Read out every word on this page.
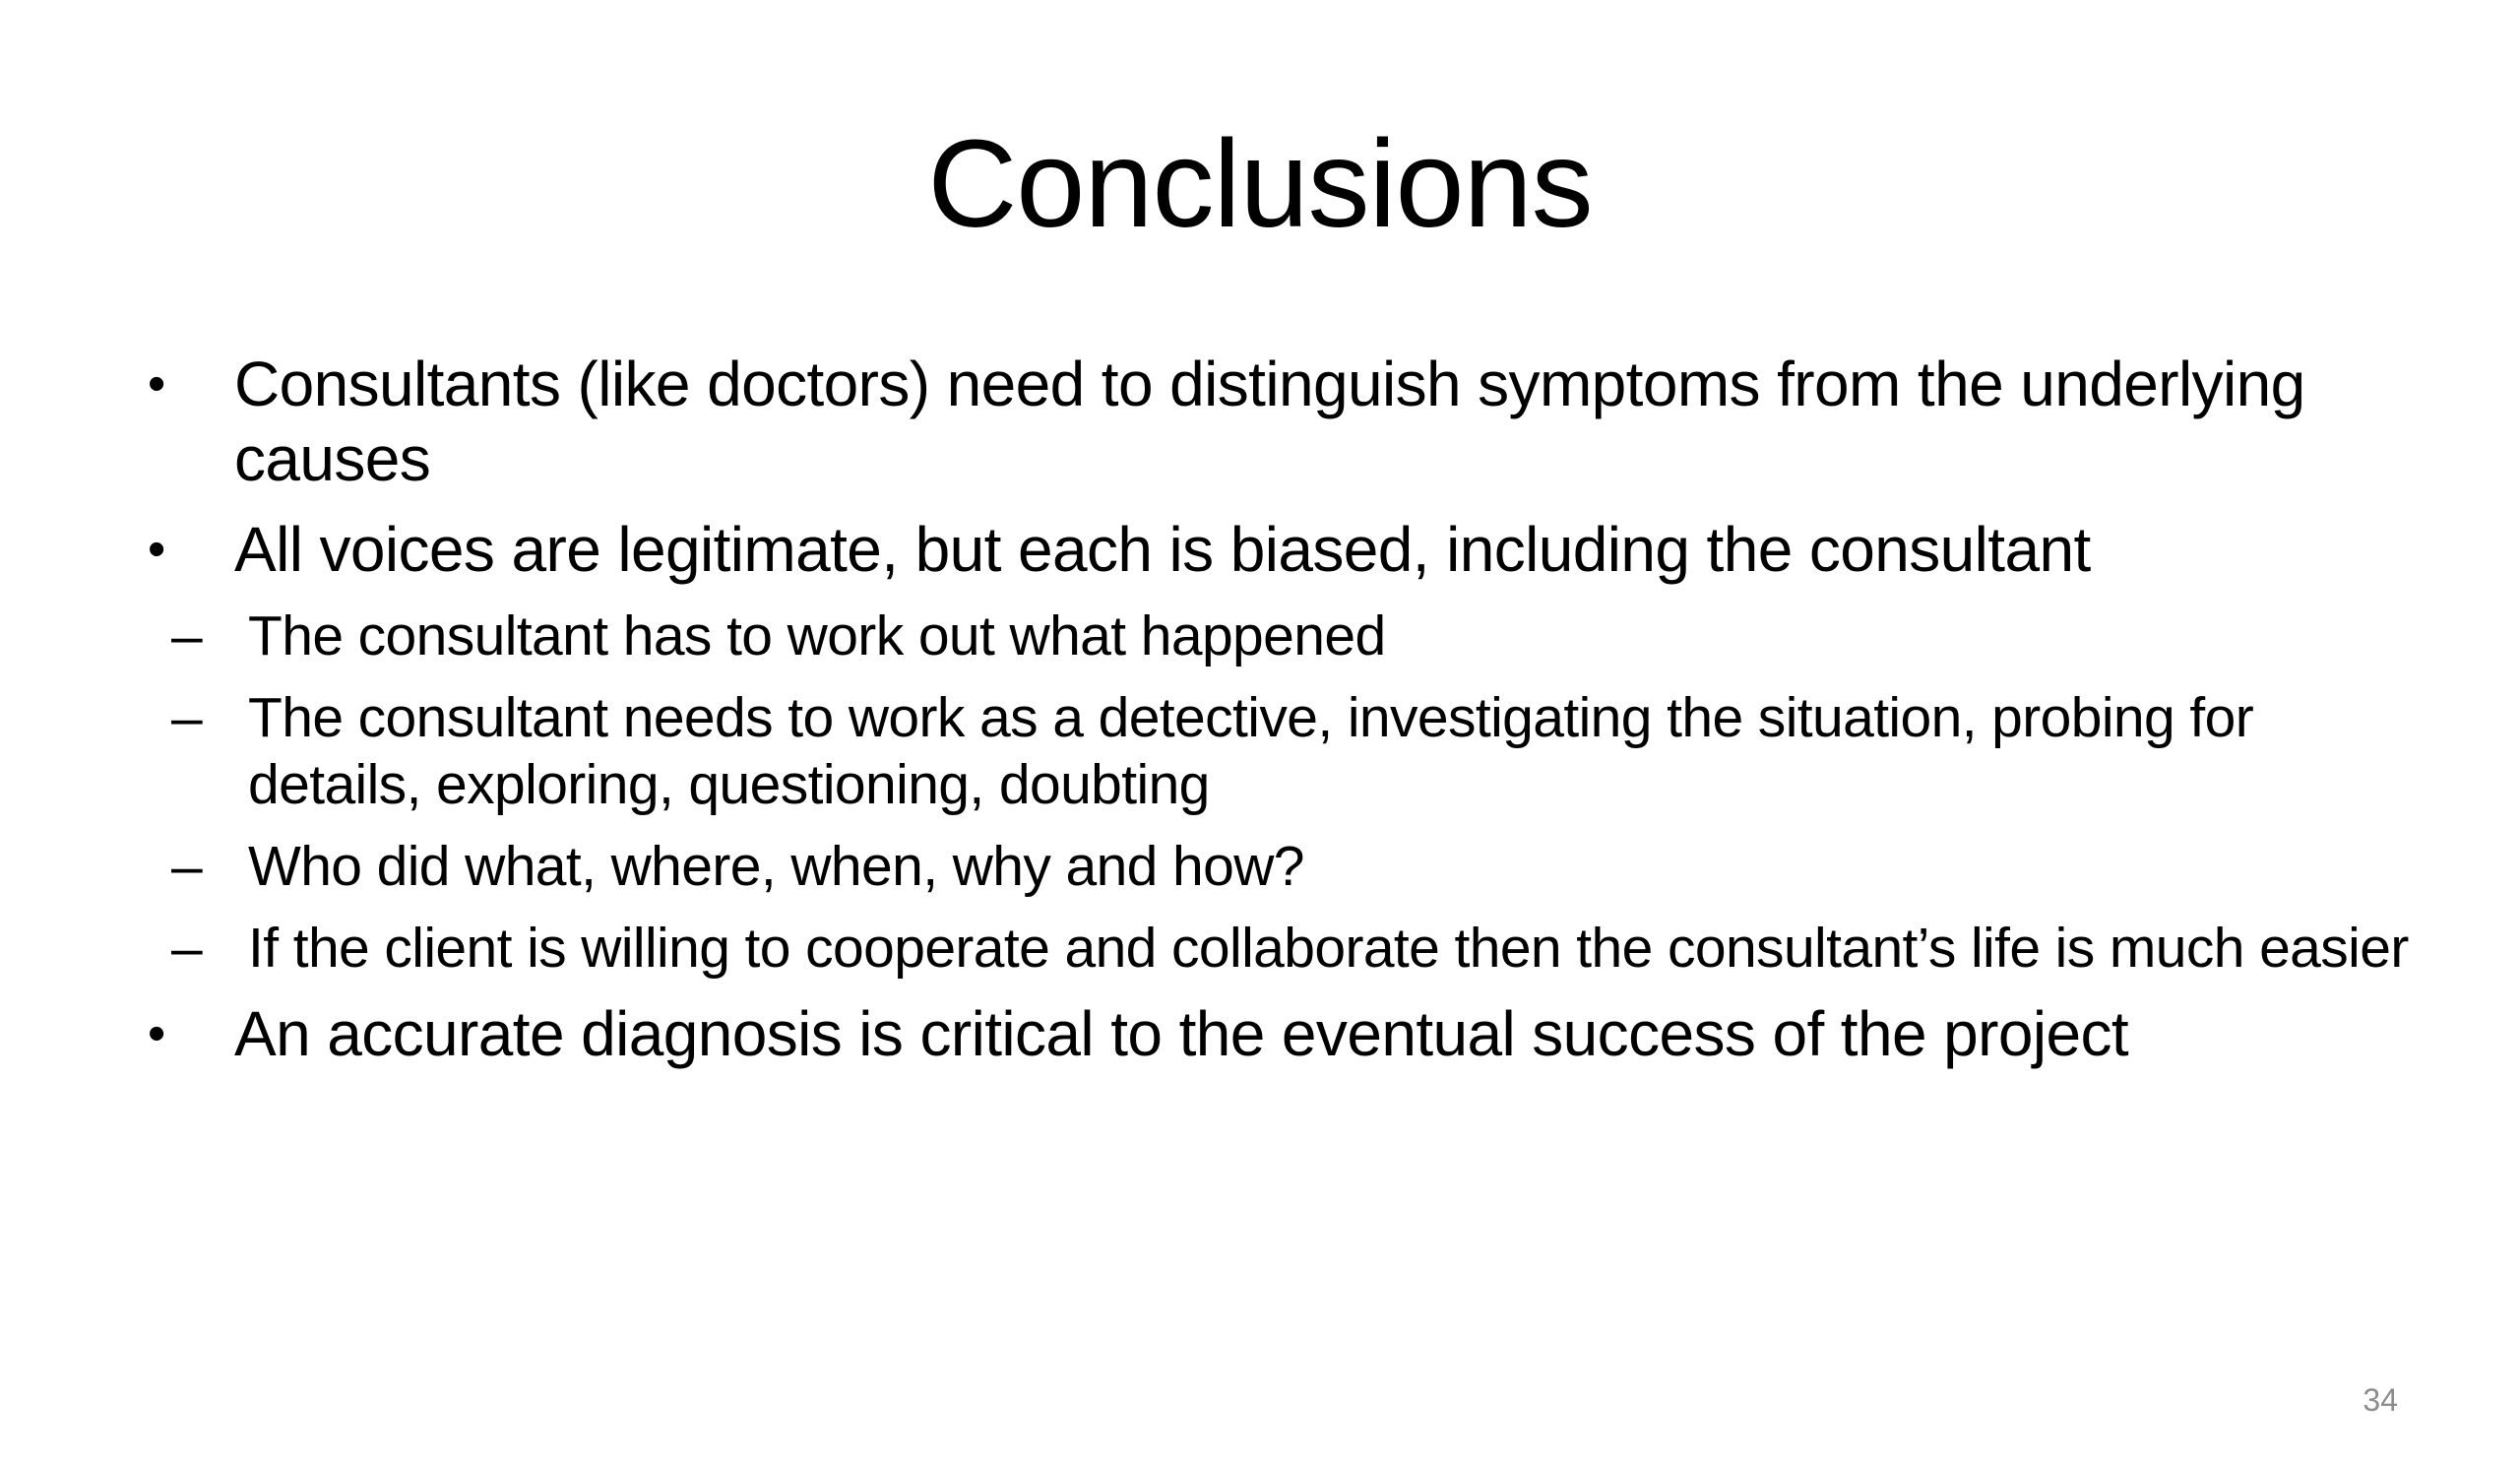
Conclusions
•	Consultants (like doctors) need to distinguish symptoms from the underlying causes
•	All voices are legitimate, but each is biased, including the consultant
– The consultant has to work out what happened
– The consultant needs to work as a detective, investigating the situation, probing for details, exploring, questioning, doubting
– Who did what, where, when, why and how?
– If the client is willing to cooperate and collaborate then the consultant’s life is much easier
•	An accurate diagnosis is critical to the eventual success of the project
34
